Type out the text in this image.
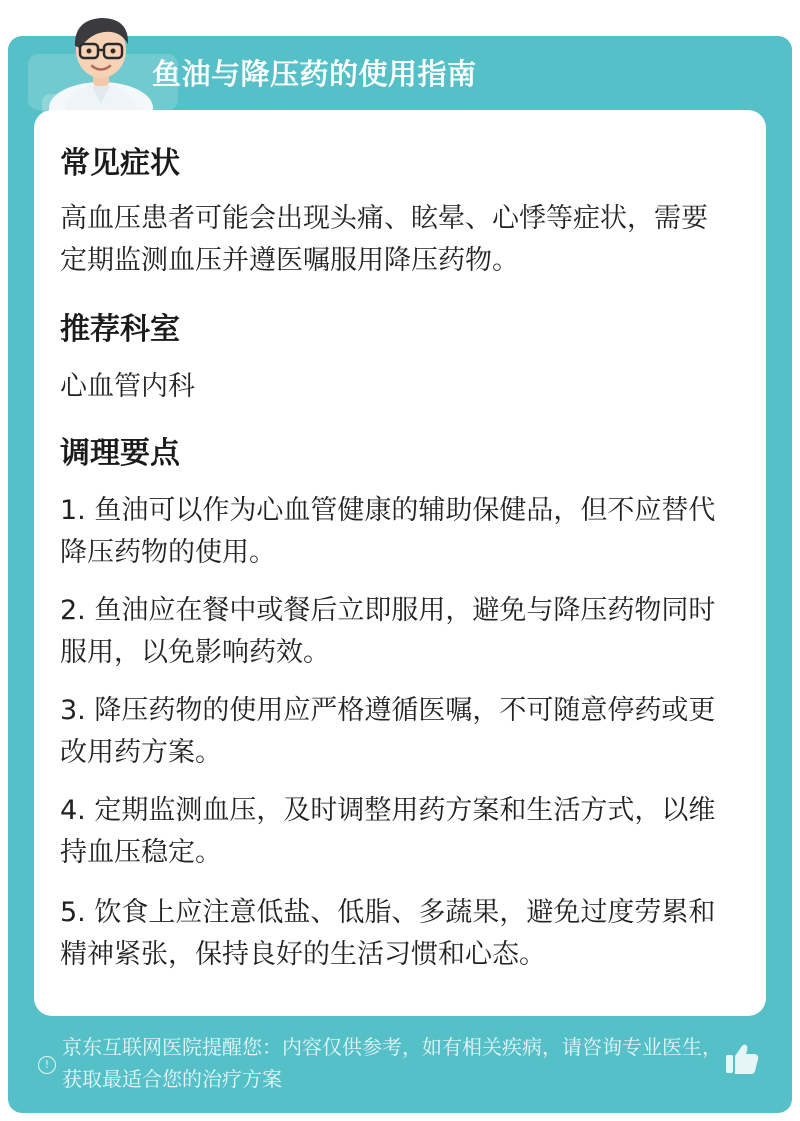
鱼油与降压药的使用指南
常见症状
高血压患者可能会出现头痛、眩晕、心悸等症状，需要定期监测血压并遵医嘱服用降压药物。
推荐科室
心血管内科
调理要点
1. 鱼油可以作为心血管健康的辅助保健品，但不应替代降压药物的使用。
2. 鱼油应在餐中或餐后立即服用，避免与降压药物同时服用，以免影响药效。
3. 降压药物的使用应严格遵循医嘱，不可随意停药或更改用药方案。
4. 定期监测血压，及时调整用药方案和生活方式，以维持血压稳定。
5. 饮食上应注意低盐、低脂、多蔬果，避免过度劳累和精神紧张，保持良好的生活习惯和心态。
!
京东互联网医院提醒您：内容仅供参考，如有相关疾病，请咨询专业医生，获取最适合您的治疗方案
